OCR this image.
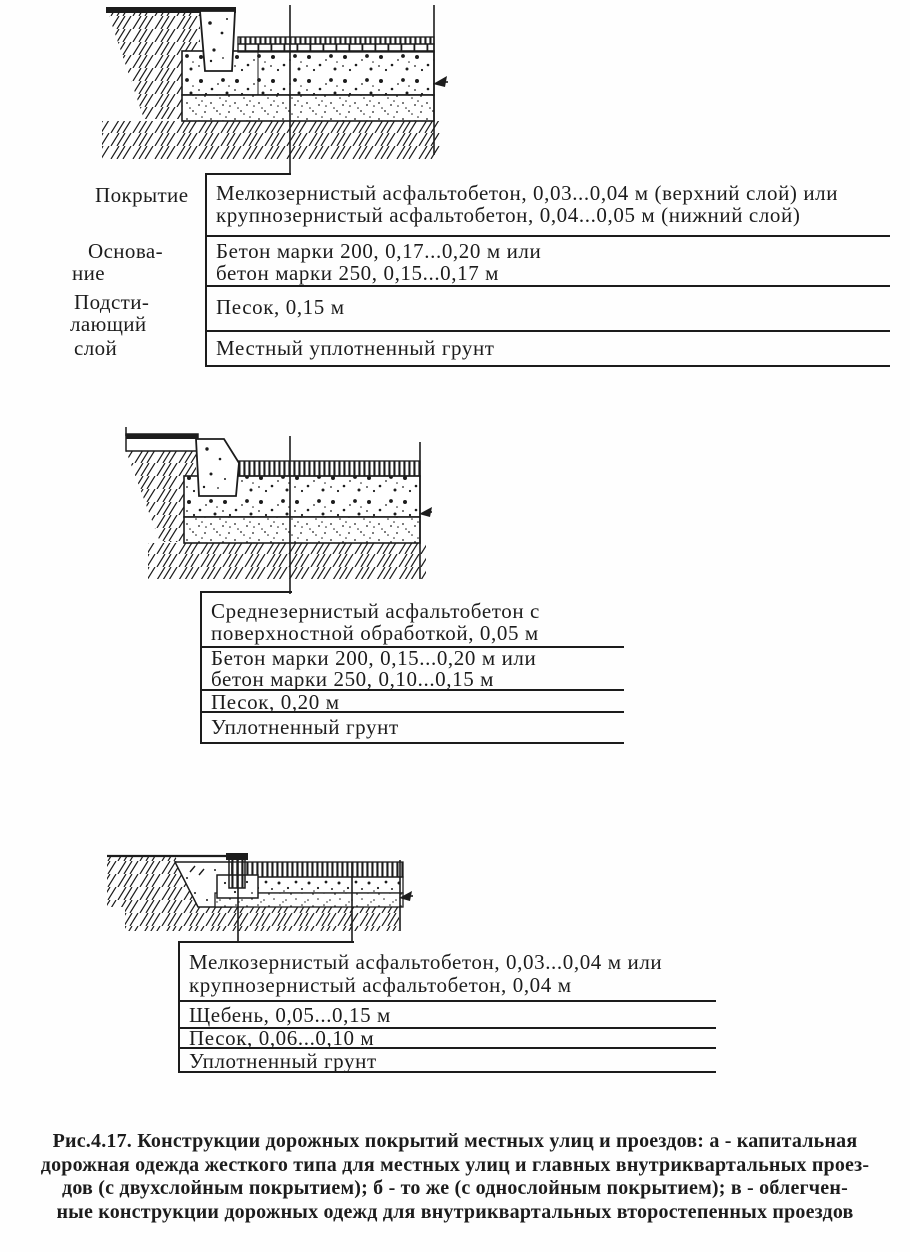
Покрытие
Основа-
ние
Подсти-
лающий
слой
Мелкозернистый асфальтобетон, 0,03...0,04 м (верхний слой) или
крупнозернистый асфальтобетон, 0,04...0,05 м (нижний слой)
Бетон марки 200, 0,17...0,20 м или
бетон марки 250, 0,15...0,17 м
Песок, 0,15 м
Местный уплотненный грунт
Среднезернистый асфальтобетон с
поверхностной обработкой, 0,05 м
Бетон марки 200, 0,15...0,20 м или
бетон марки 250, 0,10...0,15 м
Песок, 0,20 м
Уплотненный грунт
Мелкозернистый асфальтобетон, 0,03...0,04 м или
крупнозернистый асфальтобетон, 0,04 м
Щебень, 0,05...0,15 м
Песок, 0,06...0,10 м
Уплотненный грунт
Рис.4.17. Конструкции дорожных покрытий местных улиц и проездов: а - капитальная
дорожная одежда жесткого типа для местных улиц и главных внутриквартальных проез-
дов (с двухслойным покрытием); б - то же (с однослойным покрытием); в - облегчен-
ные конструкции дорожных одежд для внутриквартальных второстепенных проездов
